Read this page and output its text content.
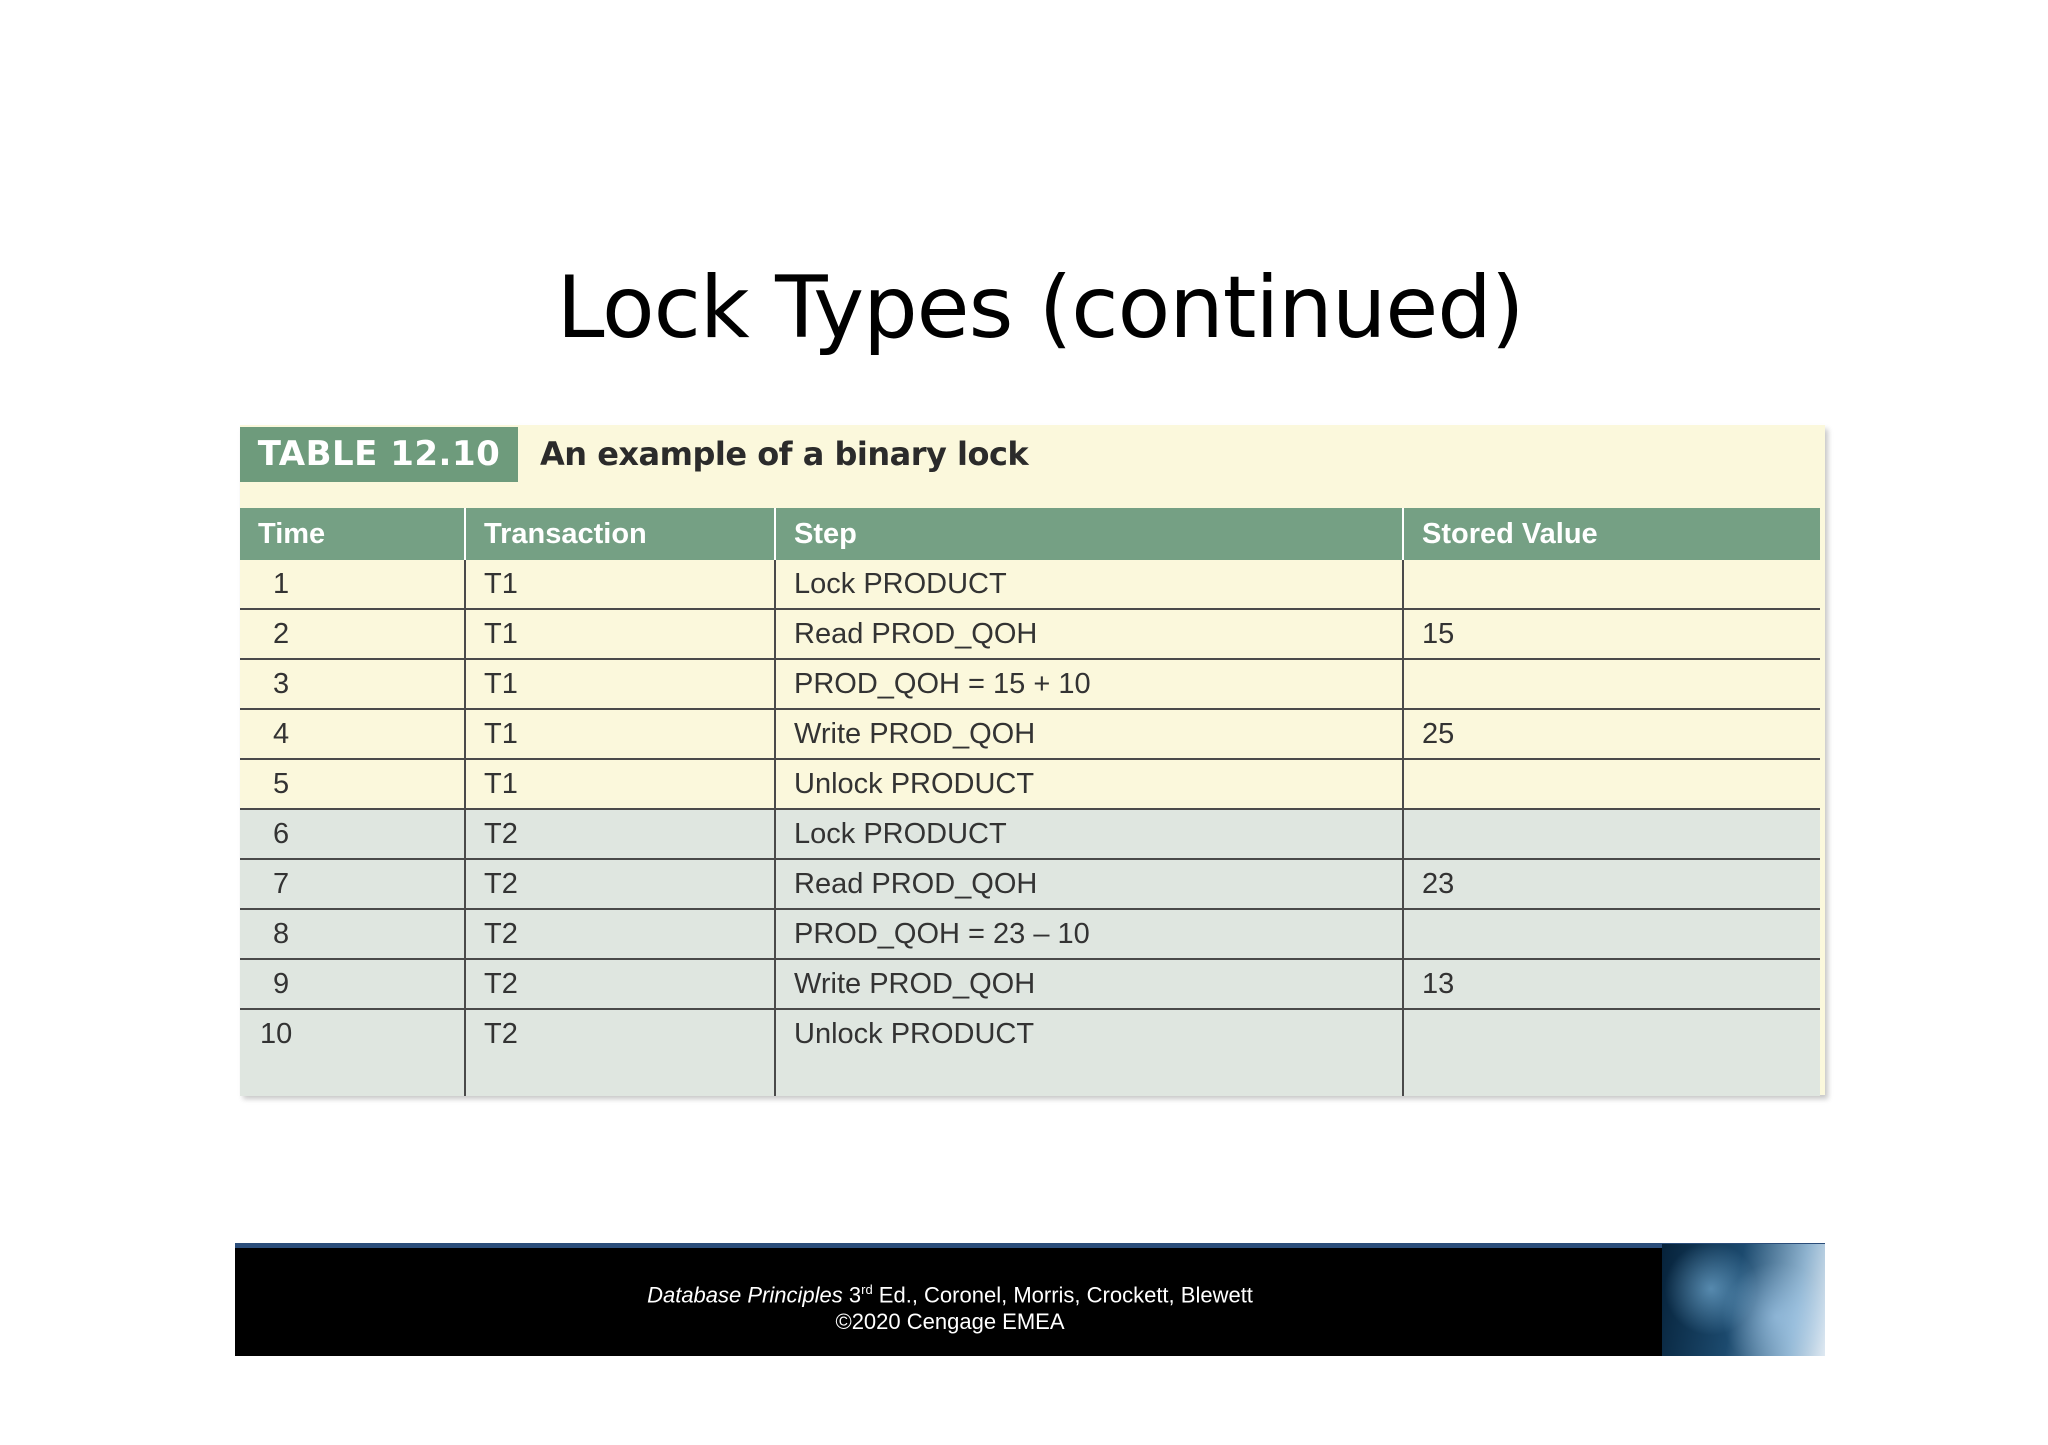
Lock Types (continued)
TABLE 12.10	An example of a binary lock
Time	Transaction	Step	Stored Value
1	T1	Lock PRODUCT	
2	T1	Read PROD_QOH	15
3	T1	PROD_QOH = 15 + 10	
4	T1	Write PROD_QOH	25
5	T1	Unlock PRODUCT	
6	T2	Lock PRODUCT	
7	T2	Read PROD_QOH	23
8	T2	PROD_QOH = 23 – 10	
9	T2	Write PROD_QOH	13
10	T2	Unlock PRODUCT	
Database Principles 3rd Ed., Coronel, Morris, Crockett, Blewett
©2020 Cengage EMEA
